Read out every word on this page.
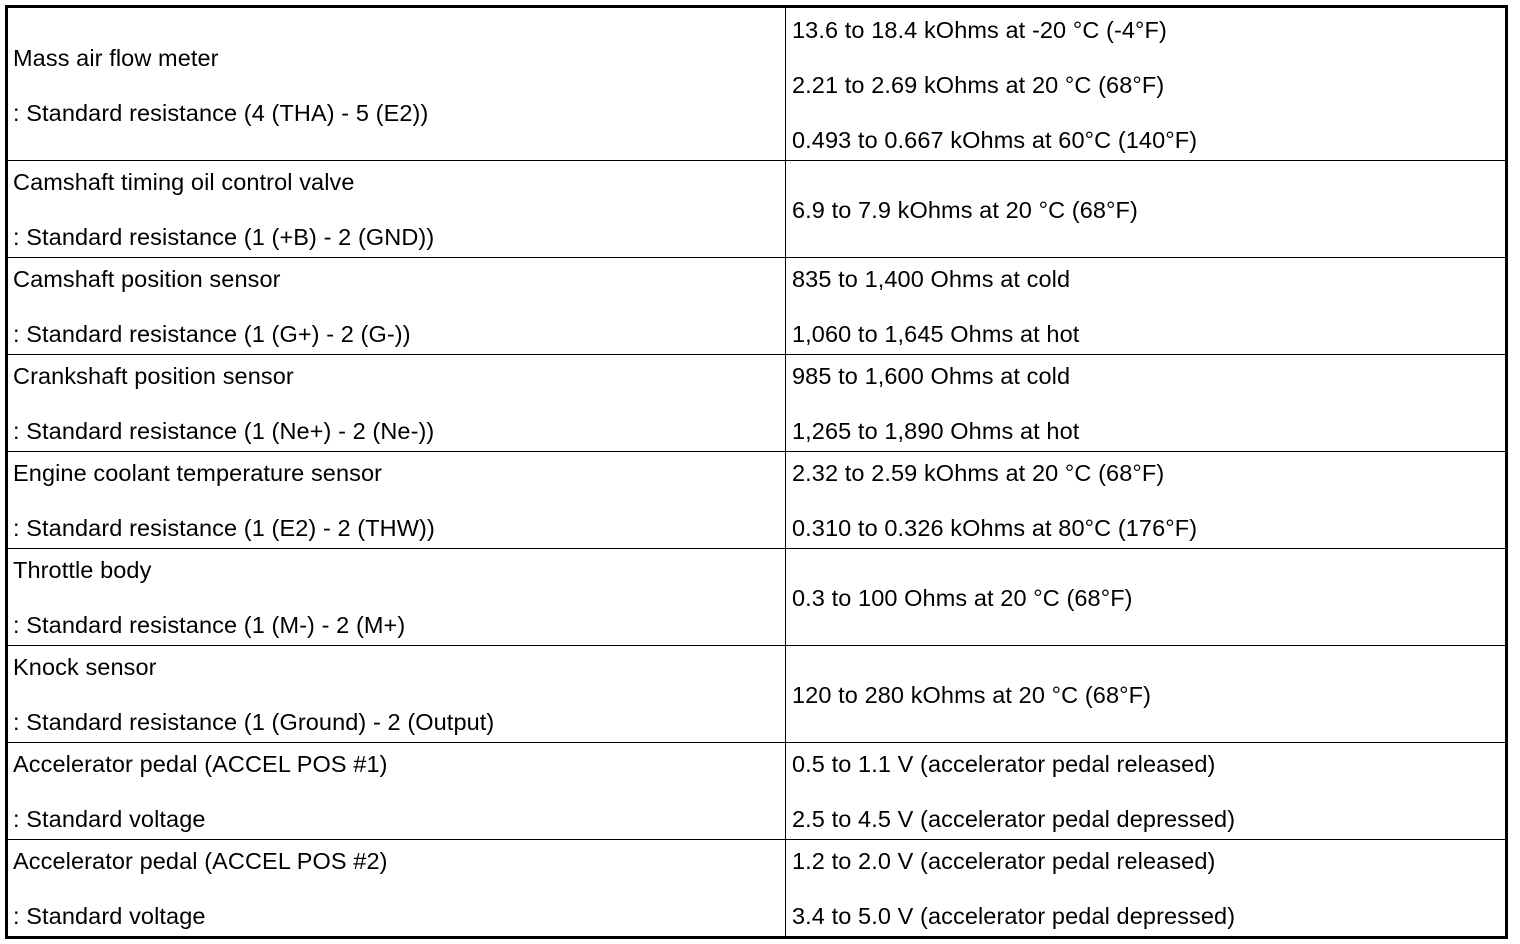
Mass air flow meter
: Standard resistance (4 (THA) - 5 (E2))
13.6 to 18.4 kOhms at -20 °C (-4°F)
2.21 to 2.69 kOhms at 20 °C (68°F)
0.493 to 0.667 kOhms at 60°C (140°F)
Camshaft timing oil control valve
: Standard resistance (1 (+B) - 2 (GND))
6.9 to 7.9 kOhms at 20 °C (68°F)
Camshaft position sensor
: Standard resistance (1 (G+) - 2 (G-))
835 to 1,400 Ohms at cold
1,060 to 1,645 Ohms at hot
Crankshaft position sensor
: Standard resistance (1 (Ne+) - 2 (Ne-))
985 to 1,600 Ohms at cold
1,265 to 1,890 Ohms at hot
Engine coolant temperature sensor
: Standard resistance (1 (E2) - 2 (THW))
2.32 to 2.59 kOhms at 20 °C (68°F)
0.310 to 0.326 kOhms at 80°C (176°F)
Throttle body
: Standard resistance (1 (M-) - 2 (M+)
0.3 to 100 Ohms at 20 °C (68°F)
Knock sensor
: Standard resistance (1 (Ground) - 2 (Output)
120 to 280 kOhms at 20 °C (68°F)
Accelerator pedal (ACCEL POS #1)
: Standard voltage
0.5 to 1.1 V (accelerator pedal released)
2.5 to 4.5 V (accelerator pedal depressed)
Accelerator pedal (ACCEL POS #2)
: Standard voltage
1.2 to 2.0 V (accelerator pedal released)
3.4 to 5.0 V (accelerator pedal depressed)
